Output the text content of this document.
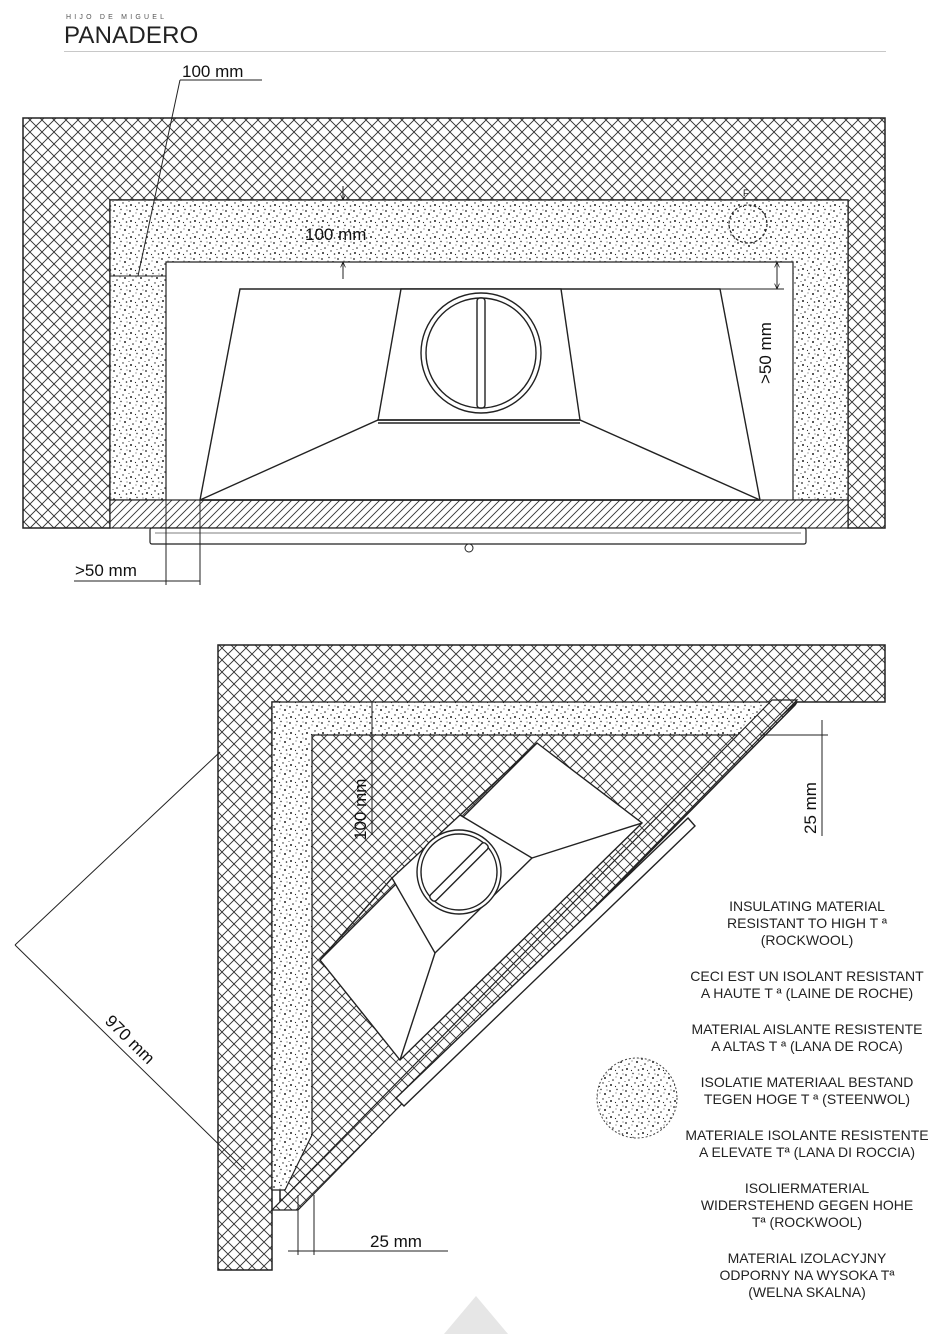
HIJO DE MIGUEL
PANADERO
F
100 mm
100 mm
>50 mm
>50 mm
100 mm	25 mm
970 mm
25 mm
INSULATING MATERIAL
RESISTANT TO HIGH T ª
(ROCKWOOL)
CECI EST UN ISOLANT RESISTANT
A HAUTE T ª (LAINE DE ROCHE)
MATERIAL AISLANTE RESISTENTE
A ALTAS T ª (LANA DE ROCA)
ISOLATIE MATERIAAL BESTAND
TEGEN HOGE T ª (STEENWOL)
MATERIALE ISOLANTE RESISTENTE
A ELEVATE Tª (LANA DI ROCCIA)
ISOLIERMATERIAL
WIDERSTEHEND GEGEN HOHE
Tª (ROCKWOOL)
MATERIAL IZOLACYJNY
ODPORNY NA WYSOKA Tª
(WELNA SKALNA)
